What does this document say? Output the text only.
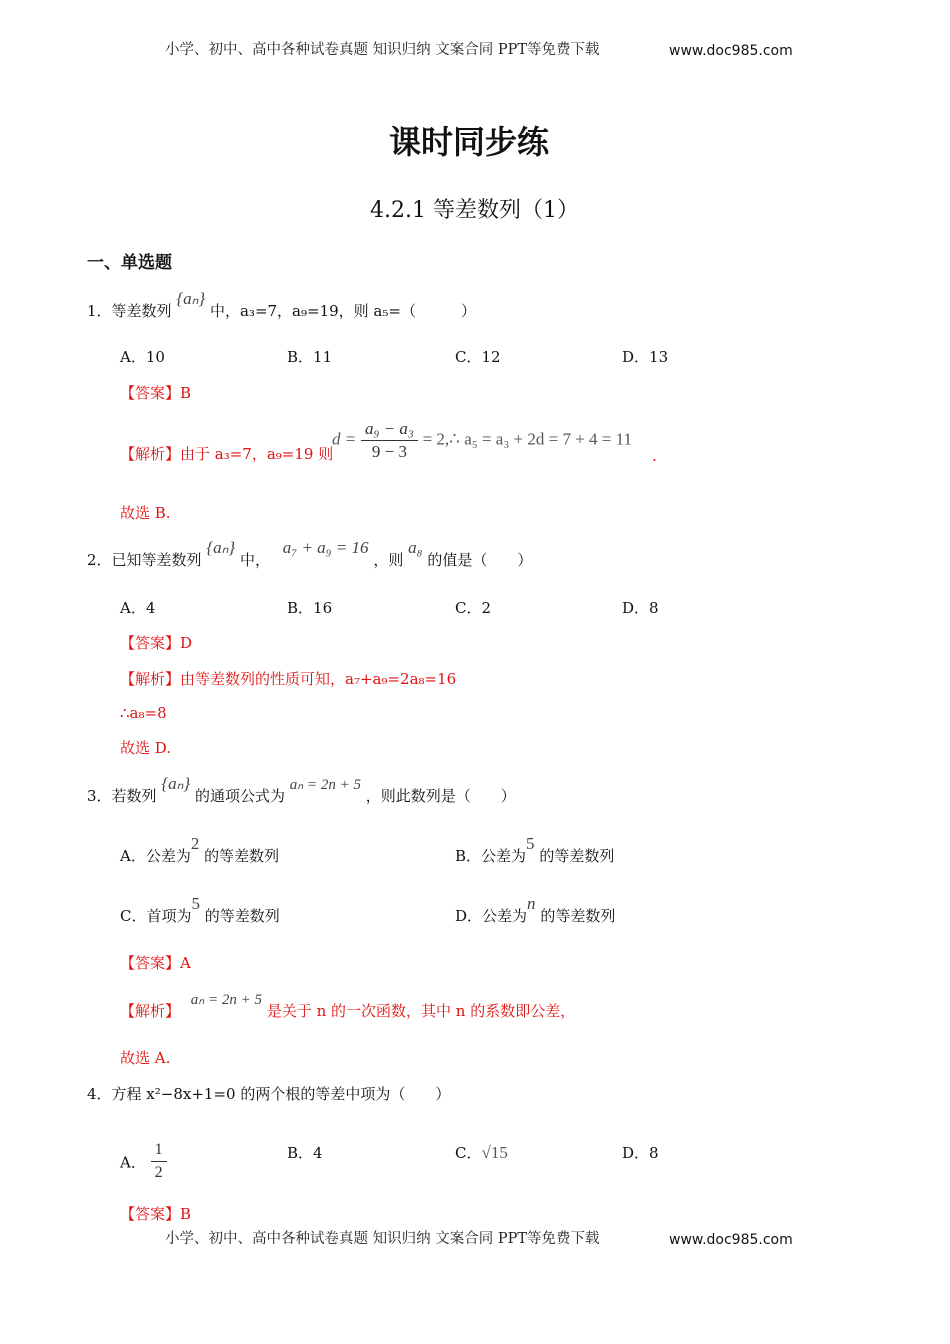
小学、初中、高中各种试卷真题 知识归纳 文案合同 PPT等免费下载	www.doc985.com
课时同步练
4.2.1 等差数列（1）
一、单选题
1．等差数列 {aₙ} 中，a₃=7，a₉=19，则 a₅=（　　　）
A．10	B．11	C．12	D．13
【答案】B
【解析】由于 a₃=7，a₉=19 则
$d = \frac{\text{a₉ − a₃}}{9 - 3}$ = 2,∴ a₅ = a₃ + 2d = 7 + 4 = 11
.
故选 B.
2．已知等差数列 {aₙ} 中， a₇ + a₉ = 16 ，则 a₈ 的值是（　　）
A．4	B．16	C．2	D．8
【答案】D
【解析】由等差数列的性质可知，a₇+a₉=2a₈=16
∴a₈=8
故选 D.
3．若数列 {aₙ} 的通项公式为 aₙ = 2n + 5 ，则此数列是（　　）
A．公差为2 的等差数列	B．公差为5 的等差数列
C．首项为5 的等差数列	D．公差为n 的等差数列
【答案】A
【解析】 aₙ = 2n + 5 是关于 n 的一次函数，其中 n 的系数即公差，
故选 A.
4．方程 x²−8x+1=0 的两个根的等差中项为（　　）
A． $\frac{1}{2}$	B．4	C．√15	D．8
【答案】B
小学、初中、高中各种试卷真题 知识归纳 文案合同 PPT等免费下载	www.doc985.com
